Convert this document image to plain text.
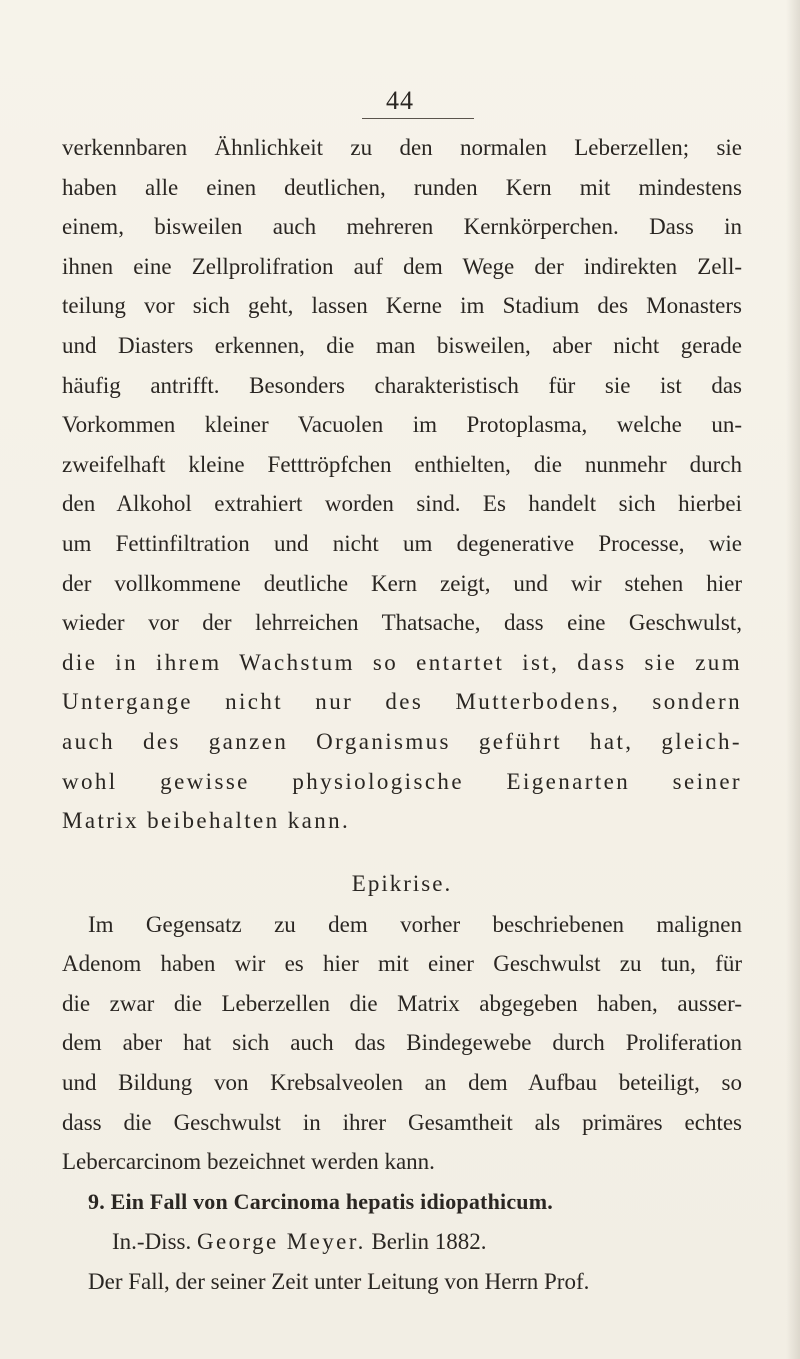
44
verkennbaren Ähnlichkeit zu den normalen Leberzellen; sie
haben alle einen deutlichen, runden Kern mit mindestens
einem, bisweilen auch mehreren Kernkörperchen. Dass in
ihnen eine Zellprolifration auf dem Wege der indirekten Zell-
teilung vor sich geht, lassen Kerne im Stadium des Monasters
und Diasters erkennen, die man bisweilen, aber nicht gerade
häufig antrifft. Besonders charakteristisch für sie ist das
Vorkommen kleiner Vacuolen im Protoplasma, welche un-
zweifelhaft kleine Fetttröpfchen enthielten, die nunmehr durch
den Alkohol extrahiert worden sind. Es handelt sich hierbei
um Fettinfiltration und nicht um degenerative Processe, wie
der vollkommene deutliche Kern zeigt, und wir stehen hier
wieder vor der lehrreichen Thatsache, dass eine Geschwulst,
die in ihrem Wachstum so entartet ist, dass sie zum
Untergange nicht nur des Mutterbodens, sondern
auch des ganzen Organismus geführt hat, gleich-
wohl gewisse physiologische Eigenarten seiner
Matrix beibehalten kann.
Epikrise.
Im Gegensatz zu dem vorher beschriebenen malignen
Adenom haben wir es hier mit einer Geschwulst zu tun, für
die zwar die Leberzellen die Matrix abgegeben haben, ausser-
dem aber hat sich auch das Bindegewebe durch Proliferation
und Bildung von Krebsalveolen an dem Aufbau beteiligt, so
dass die Geschwulst in ihrer Gesamtheit als primäres echtes
Lebercarcinom bezeichnet werden kann.
9. Ein Fall von Carcinoma hepatis idiopathicum.
In.-Diss. George Meyer. Berlin 1882.
Der Fall, der seiner Zeit unter Leitung von Herrn Prof.
